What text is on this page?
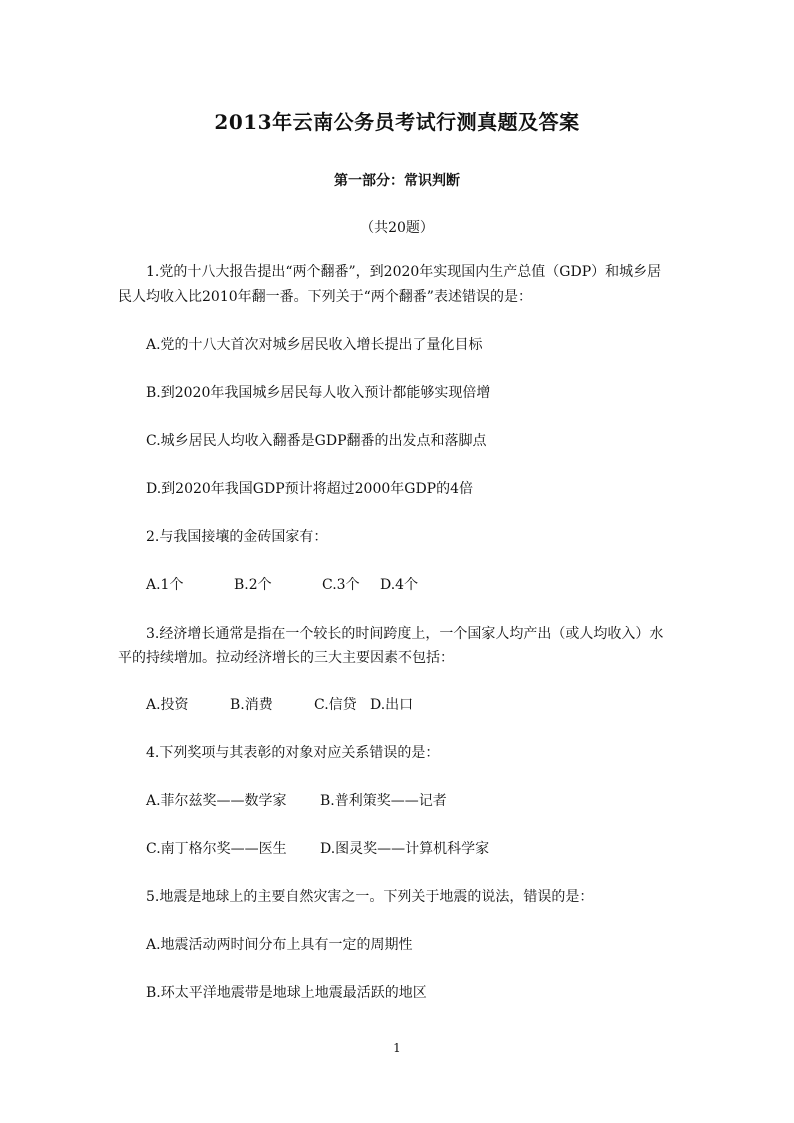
2013年云南公务员考试行测真题及答案
第一部分：常识判断
（共20题）
1.党的十八大报告提出“两个翻番”，到2020年实现国内生产总值（GDP）和城乡居
民人均收入比2010年翻一番。下列关于“两个翻番”表述错误的是：
A.党的十八大首次对城乡居民收入增长提出了量化目标
B.到2020年我国城乡居民每人收入预计都能够实现倍增
C.城乡居民人均收入翻番是GDP翻番的出发点和落脚点
D.到2020年我国GDP预计将超过2000年GDP的4倍
2.与我国接壤的金砖国家有：
A.1个	B.2个	C.3个 D.4个
3.经济增长通常是指在一个较长的时间跨度上，一个国家人均产出（或人均收入）水
平的持续增加。拉动经济增长的三大主要因素不包括：
A.投资	B.消费	C.信贷 D.出口
4.下列奖项与其表彰的对象对应关系错误的是：
A.菲尔兹奖——数学家 B.普利策奖——记者
C.南丁格尔奖——医生 D.图灵奖——计算机科学家
5.地震是地球上的主要自然灾害之一。下列关于地震的说法，错误的是：
A.地震活动两时间分布上具有一定的周期性
B.环太平洋地震带是地球上地震最活跃的地区
1
